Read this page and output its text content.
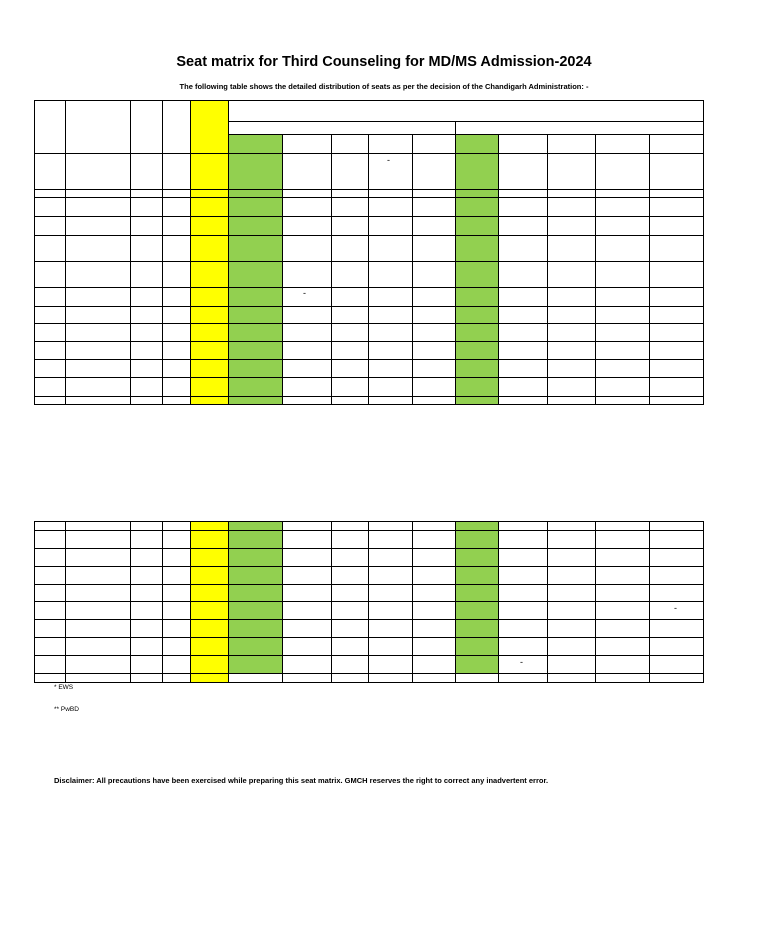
Seat matrix for Third Counseling for MD/MS Admission-2024

The following table shows the detailed distribution of seats as per the decision of the Chandigarh Administration: -

-
-
-
-
* EWS
** PwBD
Disclaimer: All precautions have been exercised while preparing this seat matrix. GMCH reserves the right to correct any inadvertent error.
